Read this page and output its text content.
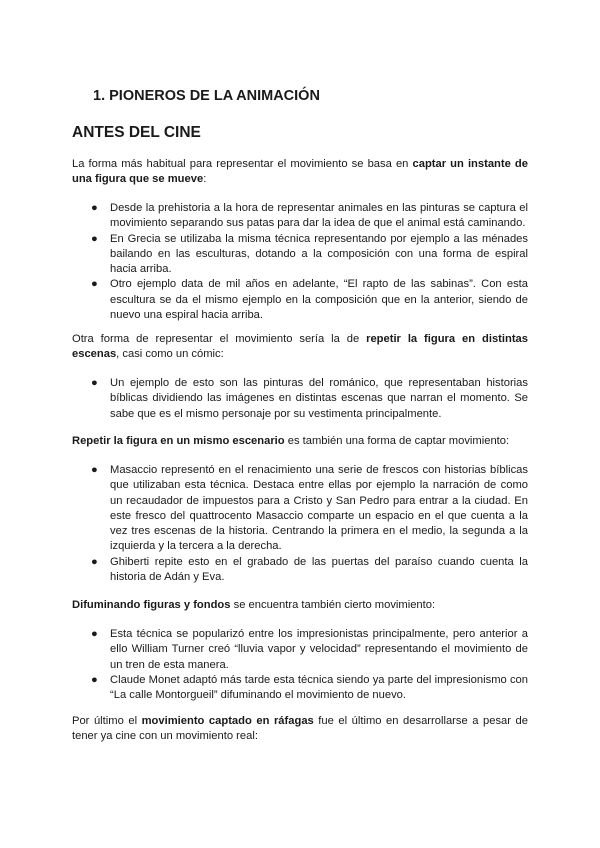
1. PIONEROS DE LA ANIMACIÓN
ANTES DEL CINE

La forma más habitual para representar el movimiento se basa en captar un instante de una figura que se mueve:

● Desde la prehistoria a la hora de representar animales en las pinturas se captura el movimiento separando sus patas para dar la idea de que el animal está caminando.
● En Grecia se utilizaba la misma técnica representando por ejemplo a las ménades bailando en las esculturas, dotando a la composición con una forma de espiral hacia arriba.
● Otro ejemplo data de mil años en adelante, “El rapto de las sabinas”. Con esta escultura se da el mismo ejemplo en la composición que en la anterior, siendo de nuevo una espiral hacia arriba.

Otra forma de representar el movimiento sería la de repetir la figura en distintas escenas, casi como un cómic:

● Un ejemplo de esto son las pinturas del románico, que representaban historias bíblicas dividiendo las imágenes en distintas escenas que narran el momento. Se sabe que es el mismo personaje por su vestimenta principalmente.

Repetir la figura en un mismo escenario es también una forma de captar movimiento:

● Masaccio representó en el renacimiento una serie de frescos con historias bíblicas que utilizaban esta técnica. Destaca entre ellas por ejemplo la narración de como un recaudador de impuestos para a Cristo y San Pedro para entrar a la ciudad. En este fresco del quattrocento Masaccio comparte un espacio en el que cuenta a la vez tres escenas de la historia. Centrando la primera en el medio, la segunda a la izquierda y la tercera a la derecha.
● Ghiberti repite esto en el grabado de las puertas del paraíso cuando cuenta la historia de Adán y Eva.

Difuminando figuras y fondos se encuentra también cierto movimiento:

● Esta técnica se popularizó entre los impresionistas principalmente, pero anterior a ello William Turner creó “lluvia vapor y velocidad” representando el movimiento de un tren de esta manera.
● Claude Monet adaptó más tarde esta técnica siendo ya parte del impresionismo con “La calle Montorgueil” difuminando el movimiento de nuevo.

Por último el movimiento captado en ráfagas fue el último en desarrollarse a pesar de tener ya cine con un movimiento real:
